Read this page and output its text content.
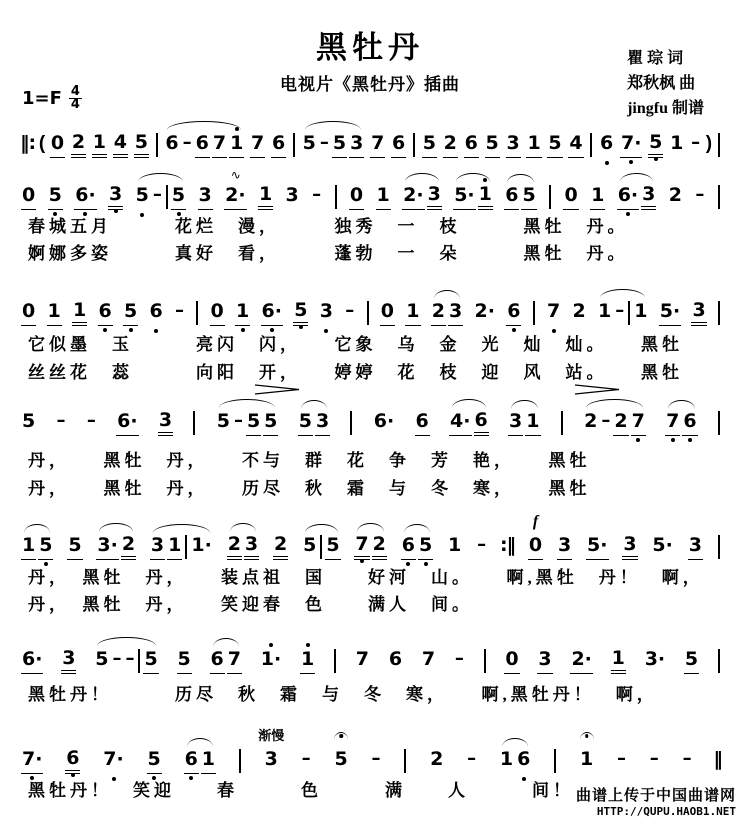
黑牡丹
电视片《黑牡丹》插曲
瞿 琮 词
郑秋枫 曲
jingfu 制谱
$1=F \frac{4}{4}$
‖: ( 0 2 1 4 5 6 – 6 7 1 7 6 5 – 5 3 7 6 5 2 6 5 3 1 5 4 6 7· 5 1 – )
0 5 6· 3 5 – 5 3 2·
∿
1 3 – 0 1 2· 3 5· 1 6 5 0 1 6· 3 2 –
春城五月　　　花烂　漫，　　　独秀　一　枝　　　黑牡　丹。
婀娜多姿　　　真好　看，　　　蓬勃　一　朵　　　黑牡　丹。
0 1 1 6 5 6 – 0 1 6· 5 3 – 0 1 2 3 2· 6 7 2 1 – 1 5· 3
它似墨　玉　　　亮闪　闪，　　它象　乌　金　光　灿　灿。　　黑牡
丝丝花　蕊　　　向阳　开，　　婷婷　花　枝　迎　风　站。　　黑牡
5 – – 6· 3 5 – 5 5 5 3 6· 6 4· 6 3 1 2 – 2 7 7 6
丹，　　黑牡　丹，　　不与　群　花　争　芳　艳，　　黑牡
丹，　　黑牡　丹，　　历尽　秋　霜　与　冬　寒，　　黑牡
1 5 5 3· 2 3 1 1· 2 3 2 5 5 7 2 6 5 1 – :‖ 0
f
3 5· 3 5· 3
丹，　黑牡　丹，　　装点祖　国　　好河　山。　　啊,黑牡　丹！　啊，
丹，　黑牡　丹，　　笑迎春　色　　满人　间。
6· 3 5 – – 5 5 6 7 1· 1 7 6 7 – 0 3 2· 1 3· 5
黑牡丹！　　　历尽　秋　霜　与　冬　寒，　　啊,黑牡丹！　啊，
7· 6 7· 5 6 1	3
渐慢
– 5 –	2 – 1 6	1 – – – ‖
黑牡丹！　笑迎　　春　　　色　　　满　　人　　　间！ 曲谱上传于中国曲谱网
HTTP://QUPU.HAOB1.NET
